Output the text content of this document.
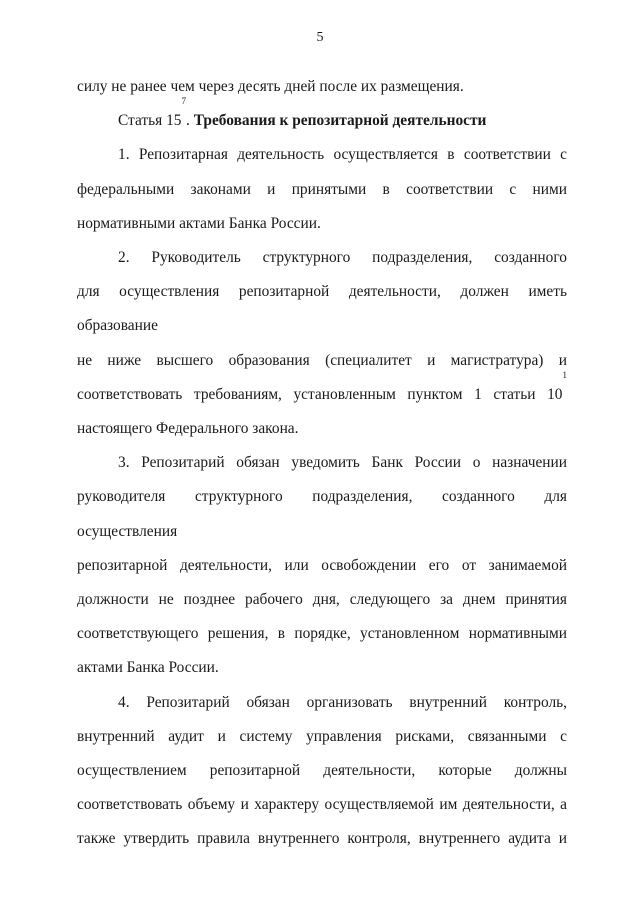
5

силу не ранее чем через десять дней после их размещения.

Статья $15^7$. Требования к репозитарной деятельности

1. Репозитарная деятельность осуществляется в соответствии с
федеральными законами и принятыми в соответствии с ними
нормативными актами Банка России.

2. Руководитель структурного подразделения, созданного
для осуществления репозитарной деятельности, должен иметь образование
не ниже высшего образования (специалитет и магистратура) и
соответствовать требованиям, установленным пунктом 1 статьи $10^1$
настоящего Федерального закона.

3. Репозитарий обязан уведомить Банк России о назначении
руководителя структурного подразделения, созданного для осуществления
репозитарной деятельности, или освобождении его от занимаемой
должности не позднее рабочего дня, следующего за днем принятия
соответствующего решения, в порядке, установленном нормативными
актами Банка России.

4. Репозитарий обязан организовать внутренний контроль,
внутренний аудит и систему управления рисками, связанными с
осуществлением репозитарной деятельности, которые должны
соответствовать объему и характеру осуществляемой им деятельности, а
также утвердить правила внутреннего контроля, внутреннего аудита и
